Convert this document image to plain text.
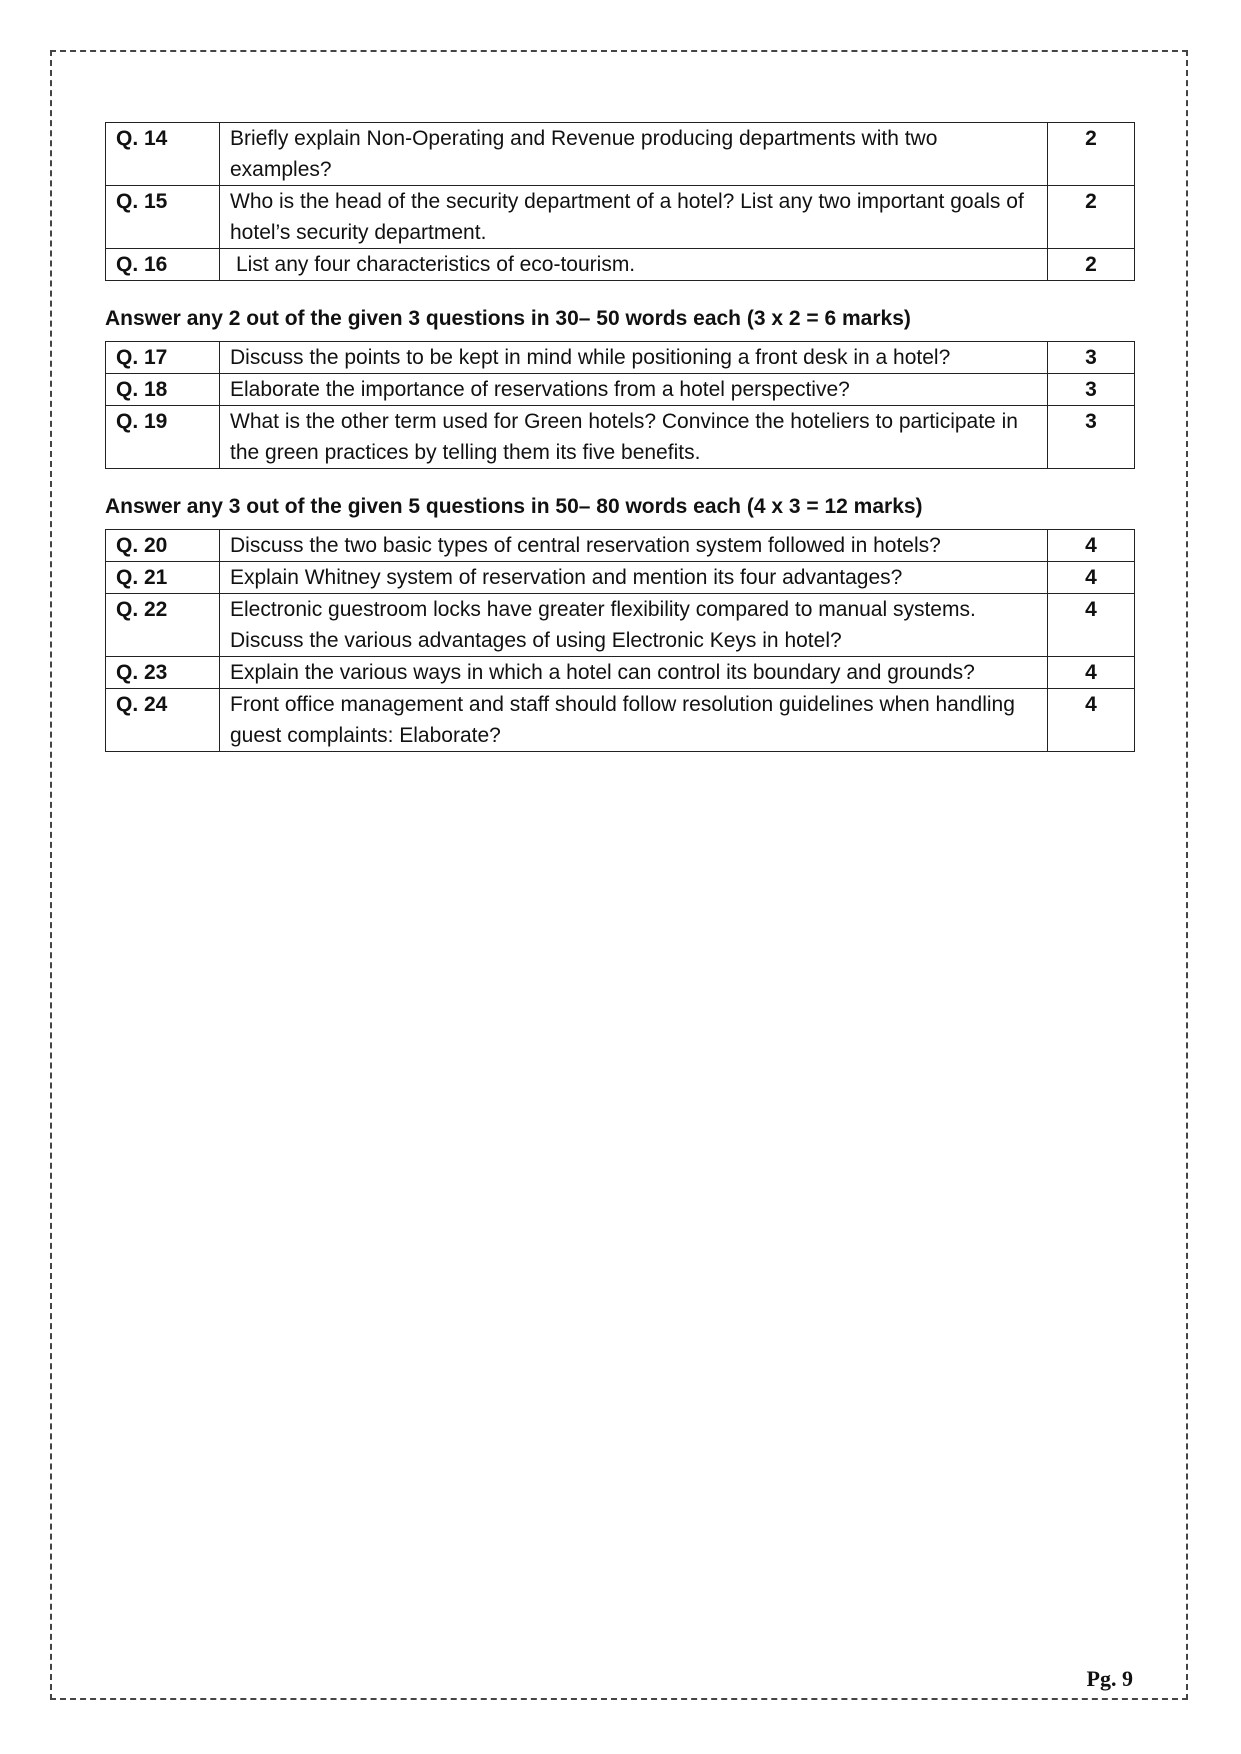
Q. 14	Briefly explain Non-Operating and Revenue producing departments with two examples?	2
Q. 15	Who is the head of the security department of a hotel? List any two important goals of hotel’s security department.	2
Q. 16	List any four characteristics of eco-tourism.	2
Answer any 2 out of the given 3 questions in 30– 50 words each (3 x 2 = 6 marks)
Q. 17	Discuss the points to be kept in mind while positioning a front desk in a hotel?	3
Q. 18	Elaborate the importance of reservations from a hotel perspective?	3
Q. 19	What is the other term used for Green hotels? Convince the hoteliers to participate in the green practices by telling them its five benefits.	3
Answer any 3 out of the given 5 questions in 50– 80 words each (4 x 3 = 12 marks)
Q. 20	Discuss the two basic types of central reservation system followed in hotels?	4
Q. 21	Explain Whitney system of reservation and mention its four advantages?	4
Q. 22	Electronic guestroom locks have greater flexibility compared to manual systems. Discuss the various advantages of using Electronic Keys in hotel?	4
Q. 23	Explain the various ways in which a hotel can control its boundary and grounds?	4
Q. 24	Front office management and staff should follow resolution guidelines when handling guest complaints: Elaborate?	4
Pg. 9
